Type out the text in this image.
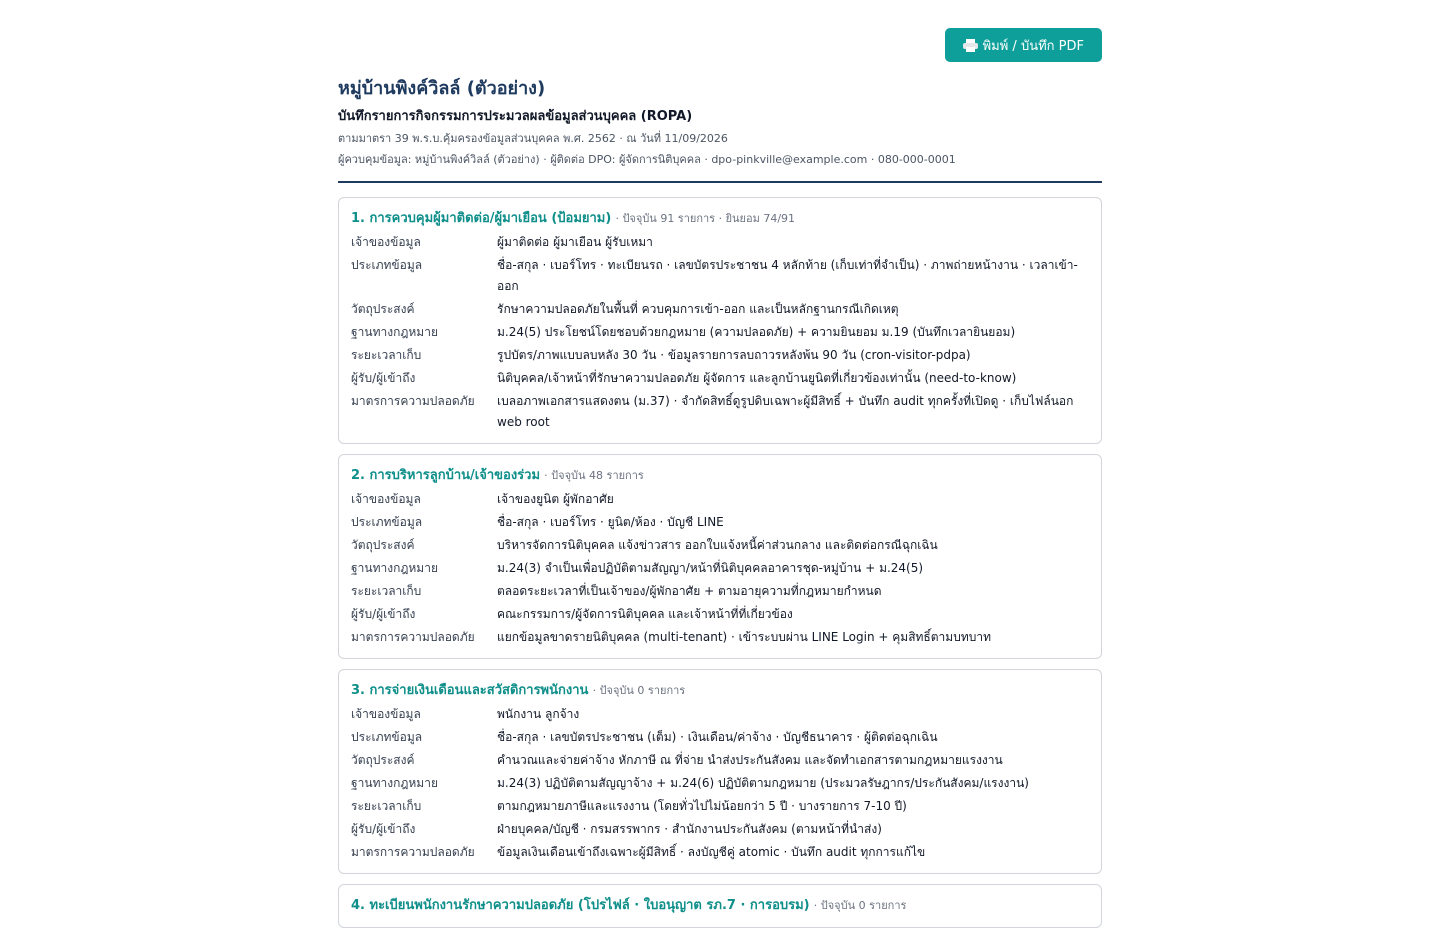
พิมพ์ / บันทึก PDF
หมู่บ้านพิงค์วิลล์ (ตัวอย่าง)
บันทึกรายการกิจกรรมการประมวลผลข้อมูลส่วนบุคคล (ROPA)

ตามมาตรา 39 พ.ร.บ.คุ้มครองข้อมูลส่วนบุคคล พ.ศ. 2562 · ณ วันที่ 11/09/2026

ผู้ควบคุมข้อมูล: หมู่บ้านพิงค์วิลล์ (ตัวอย่าง) · ผู้ติดต่อ DPO: ผู้จัดการนิติบุคคล · dpo-pinkville@example.com · 080-000-0001

1. การควบคุมผู้มาติดต่อ/ผู้มาเยือน (ป้อมยาม) · ปัจจุบัน 91 รายการ · ยินยอม 74/91
เจ้าของข้อมูล	ผู้มาติดต่อ ผู้มาเยือน ผู้รับเหมา
ประเภทข้อมูล	ชื่อ-สกุล · เบอร์โทร · ทะเบียนรถ · เลขบัตรประชาชน 4 หลักท้าย (เก็บเท่าที่จำเป็น) · ภาพถ่ายหน้างาน · เวลาเข้า-ออก
วัตถุประสงค์	รักษาความปลอดภัยในพื้นที่ ควบคุมการเข้า-ออก และเป็นหลักฐานกรณีเกิดเหตุ
ฐานทางกฎหมาย	ม.24(5) ประโยชน์โดยชอบด้วยกฎหมาย (ความปลอดภัย) + ความยินยอม ม.19 (บันทึกเวลายินยอม)
ระยะเวลาเก็บ	รูปบัตร/ภาพแบบลบหลัง 30 วัน · ข้อมูลรายการลบถาวรหลังพ้น 90 วัน (cron-visitor-pdpa)
ผู้รับ/ผู้เข้าถึง	นิติบุคคล/เจ้าหน้าที่รักษาความปลอดภัย ผู้จัดการ และลูกบ้านยูนิตที่เกี่ยวข้องเท่านั้น (need-to-know)
มาตรการความปลอดภัย	เบลอภาพเอกสารแสดงตน (ม.37) · จำกัดสิทธิ์ดูรูปดิบเฉพาะผู้มีสิทธิ์ + บันทึก audit ทุกครั้งที่เปิดดู · เก็บไฟล์นอก web root
2. การบริหารลูกบ้าน/เจ้าของร่วม · ปัจจุบัน 48 รายการ
เจ้าของข้อมูล	เจ้าของยูนิต ผู้พักอาศัย
ประเภทข้อมูล	ชื่อ-สกุล · เบอร์โทร · ยูนิต/ห้อง · บัญชี LINE
วัตถุประสงค์	บริหารจัดการนิติบุคคล แจ้งข่าวสาร ออกใบแจ้งหนี้ค่าส่วนกลาง และติดต่อกรณีฉุกเฉิน
ฐานทางกฎหมาย	ม.24(3) จำเป็นเพื่อปฏิบัติตามสัญญา/หน้าที่นิติบุคคลอาคารชุด-หมู่บ้าน + ม.24(5)
ระยะเวลาเก็บ	ตลอดระยะเวลาที่เป็นเจ้าของ/ผู้พักอาศัย + ตามอายุความที่กฎหมายกำหนด
ผู้รับ/ผู้เข้าถึง	คณะกรรมการ/ผู้จัดการนิติบุคคล และเจ้าหน้าที่ที่เกี่ยวข้อง
มาตรการความปลอดภัย	แยกข้อมูลขาดรายนิติบุคคล (multi-tenant) · เข้าระบบผ่าน LINE Login + คุมสิทธิ์ตามบทบาท
3. การจ่ายเงินเดือนและสวัสดิการพนักงาน · ปัจจุบัน 0 รายการ
เจ้าของข้อมูล	พนักงาน ลูกจ้าง
ประเภทข้อมูล	ชื่อ-สกุล · เลขบัตรประชาชน (เต็ม) · เงินเดือน/ค่าจ้าง · บัญชีธนาคาร · ผู้ติดต่อฉุกเฉิน
วัตถุประสงค์	คำนวณและจ่ายค่าจ้าง หักภาษี ณ ที่จ่าย นำส่งประกันสังคม และจัดทำเอกสารตามกฎหมายแรงงาน
ฐานทางกฎหมาย	ม.24(3) ปฏิบัติตามสัญญาจ้าง + ม.24(6) ปฏิบัติตามกฎหมาย (ประมวลรัษฎากร/ประกันสังคม/แรงงาน)
ระยะเวลาเก็บ	ตามกฎหมายภาษีและแรงงาน (โดยทั่วไปไม่น้อยกว่า 5 ปี · บางรายการ 7-10 ปี)
ผู้รับ/ผู้เข้าถึง	ฝ่ายบุคคล/บัญชี · กรมสรรพากร · สำนักงานประกันสังคม (ตามหน้าที่นำส่ง)
มาตรการความปลอดภัย	ข้อมูลเงินเดือนเข้าถึงเฉพาะผู้มีสิทธิ์ · ลงบัญชีคู่ atomic · บันทึก audit ทุกการแก้ไข
4. ทะเบียนพนักงานรักษาความปลอดภัย (โปรไฟล์ · ใบอนุญาต รภ.7 · การอบรม) · ปัจจุบัน 0 รายการ
